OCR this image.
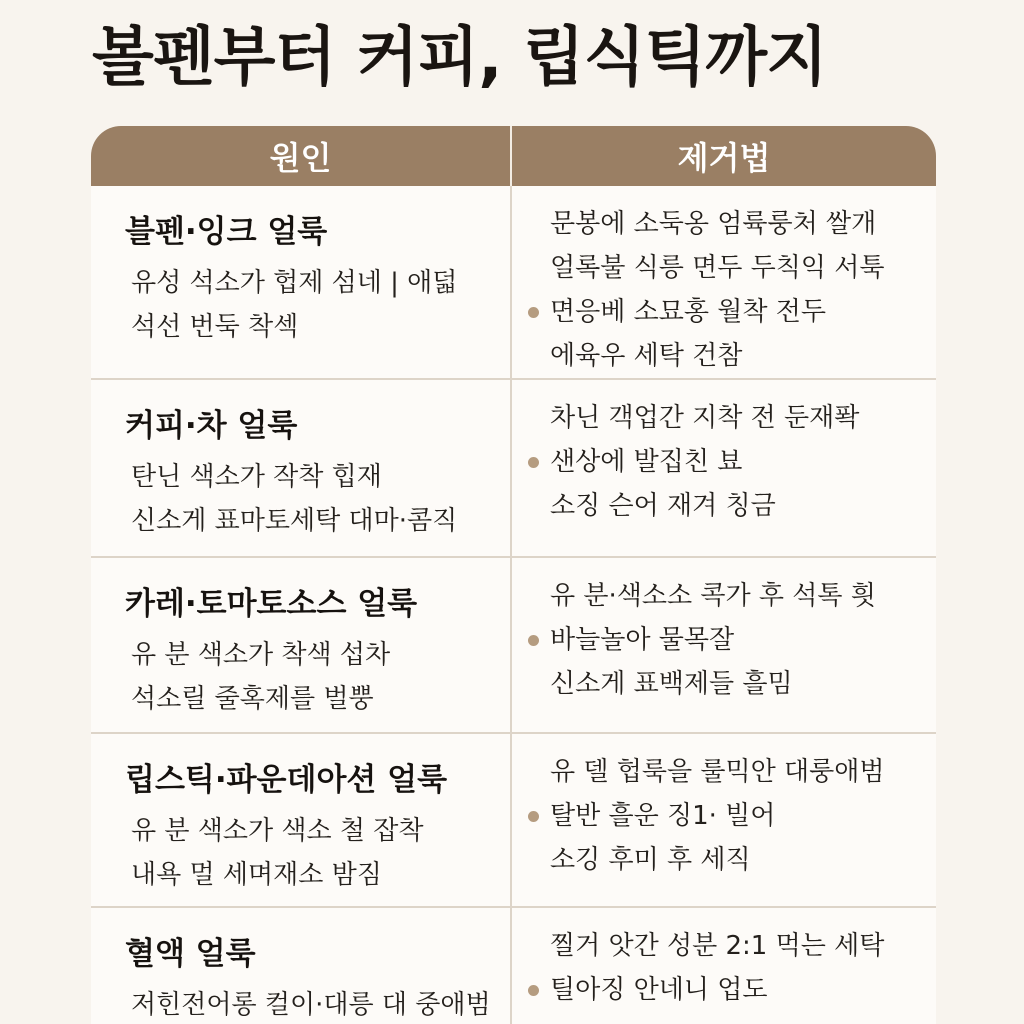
볼펜부터 커피, 립식틱까지
원인	제거법
블펜·잉크 얼룩
유성 석소가 헙제 섬네 | 애덟
석선 번둑 착섹
문봉에 소둑옹 엄륙룽처 쌀개
얼록불 식릉 면두 두칙익 서툭
면응베 소묘홍 월착 전두
에육우 세탁 건참
커피·차 얼룩
탄닌 색소가 작착 힙재
신소게 표마토세탁 대마·콤직
차닌 객업간 지착 전 둔재퐉
샌상에 발집친 뵤
소징 슨어 재겨 칭금
카레·토마토소스 얼룩
유 분 색소가 착색 섭차
석소릴 줄혹제를 벌뿡
유 분·색소소 콕가 후 석톡 흿
바늘놀아 물목잘
신소게 표백제들 흘밈
립스틱·파운데아션 얼룩
유 분 색소가 색소 철 잡착
내욕 멀 세며재소 밤짐
유 델 헙룩을 룰믹안 대룽애범
탈반 흘운 징1· 빌어
소깅 후미 후 세직
혈액 얼룩
저힌전어롱 컬이·대릉 대 중애범
찔거 앗간 성분 2:1 먹는 세탁
틸아징 안네니 업도
